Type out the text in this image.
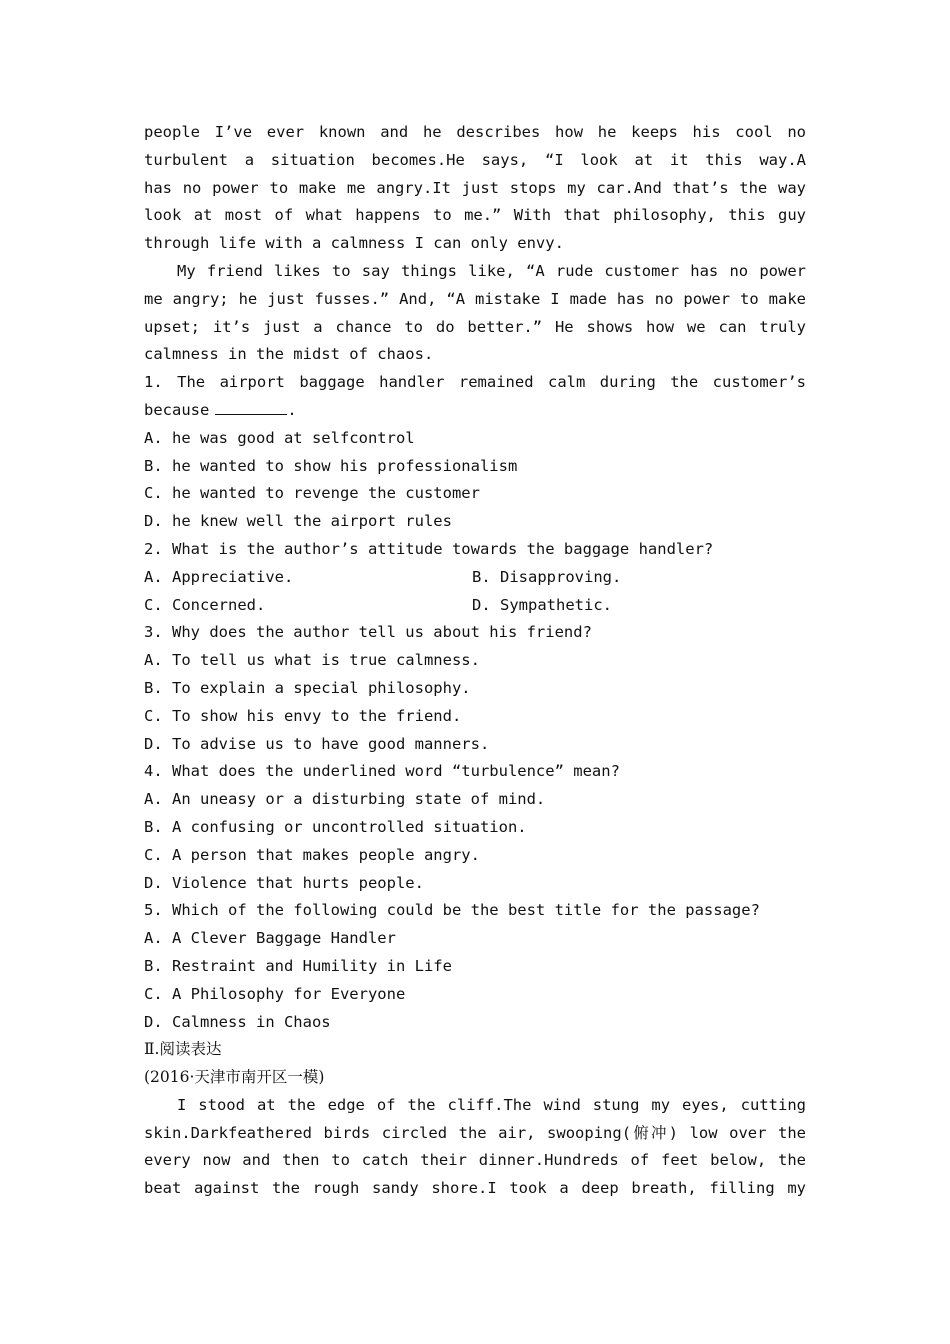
people I’ve ever known and he describes how he keeps his cool no
turbulent a situation becomes.He says, “I look at it this way.A
has no power to make me angry.It just stops my car.And that’s the way
look at most of what happens to me.” With that philosophy, this guy
through life with a calmness I can only envy.
My friend likes to say things like, “A rude customer has no power
me angry; he just fusses.” And, “A mistake I made has no power to make
upset; it’s just a chance to do better.” He shows how we can truly
calmness in the midst of chaos.
1. The airport baggage handler remained calm during the customer’s
because	.
A. he was good at selfcontrol
B. he wanted to show his professionalism
C. he wanted to revenge the customer
D. he knew well the airport rules
2. What is the author’s attitude towards the baggage handler?
A. Appreciative.	B. Disapproving.
C. Concerned.	D. Sympathetic.
3. Why does the author tell us about his friend?
A. To tell us what is true calmness.
B. To explain a special philosophy.
C. To show his envy to the friend.
D. To advise us to have good manners.
4. What does the underlined word “turbulence” mean?
A. An uneasy or a disturbing state of mind.
B. A confusing or uncontrolled situation.
C. A person that makes people angry.
D. Violence that hurts people.
5. Which of the following could be the best title for the passage?
A. A Clever Baggage Handler
B. Restraint and Humility in Life
C. A Philosophy for Everyone
D. Calmness in Chaos
Ⅱ.阅读表达
(2016·天津市南开区一模)
I stood at the edge of the cliff.The wind stung my eyes, cutting
skin.Darkfeathered birds circled the air, swooping(俯冲) low over the
every now and then to catch their dinner.Hundreds of feet below, the
beat against the rough sandy shore.I took a deep breath, filling my
